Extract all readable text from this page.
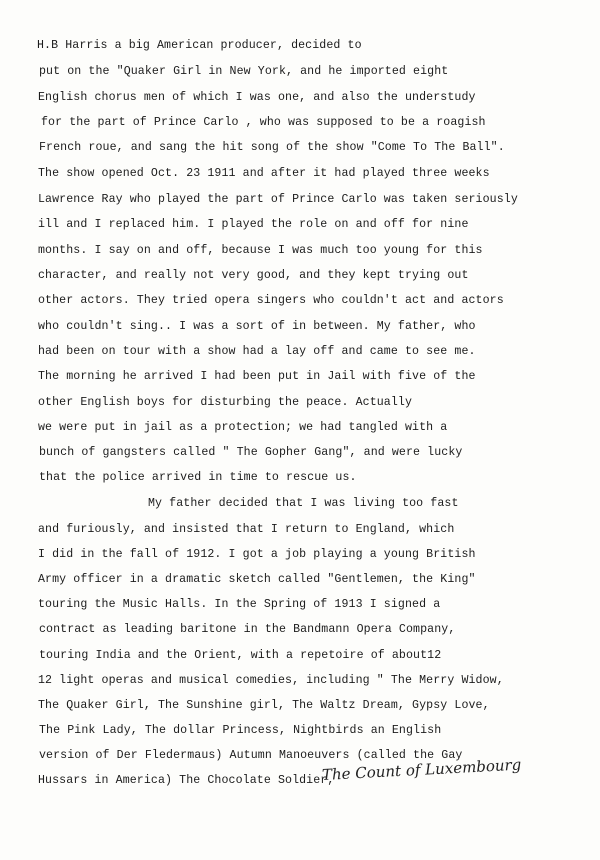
H.B Harris a big American producer, decided to
put on the "Quaker Girl in New York, and he imported eight
English chorus men of which I was one, and also the understudy
for the part of Prince Carlo , who was supposed to be a roagish
French roue, and sang the hit song of the show "Come To The Ball".
The show opened Oct. 23 1911 and after it had played three weeks
Lawrence Ray who played the part of Prince Carlo was taken seriously
ill and I replaced him. I played the role on and off for nine
months. I say on and off, because I was much too young for this
character, and really not very good, and they kept trying out
other actors. They tried opera singers who couldn't act and actors
who couldn't sing.. I was a sort of in between. My father, who
had been on tour with a show had a lay off and came to see me.
The morning he arrived I had been put in Jail with five of the
other English boys for disturbing the peace. Actually
we were put in jail as a protection; we had tangled with a
bunch of gangsters called " The Gopher Gang", and were lucky
that the police arrived in time to rescue us.
My father decided that I was living too fast
and furiously, and insisted that I return to England, which
I did in the fall of 1912. I got a job playing a young British
Army officer in a dramatic sketch called "Gentlemen, the King"
touring the Music Halls. In the Spring of 1913 I signed a
contract as leading baritone in the Bandmann Opera Company,
touring India and the Orient, with a repetoire of about12
12 light operas and musical comedies, including " The Merry Widow,
The Quaker Girl, The Sunshine girl, The Waltz Dream, Gypsy Love,
The Pink Lady, The dollar Princess, Nightbirds an English
version of Der Fledermaus) Autumn Manoeuvers (called the Gay
Hussars in America) The Chocolate Soldier,
The Count of Luxembourg
